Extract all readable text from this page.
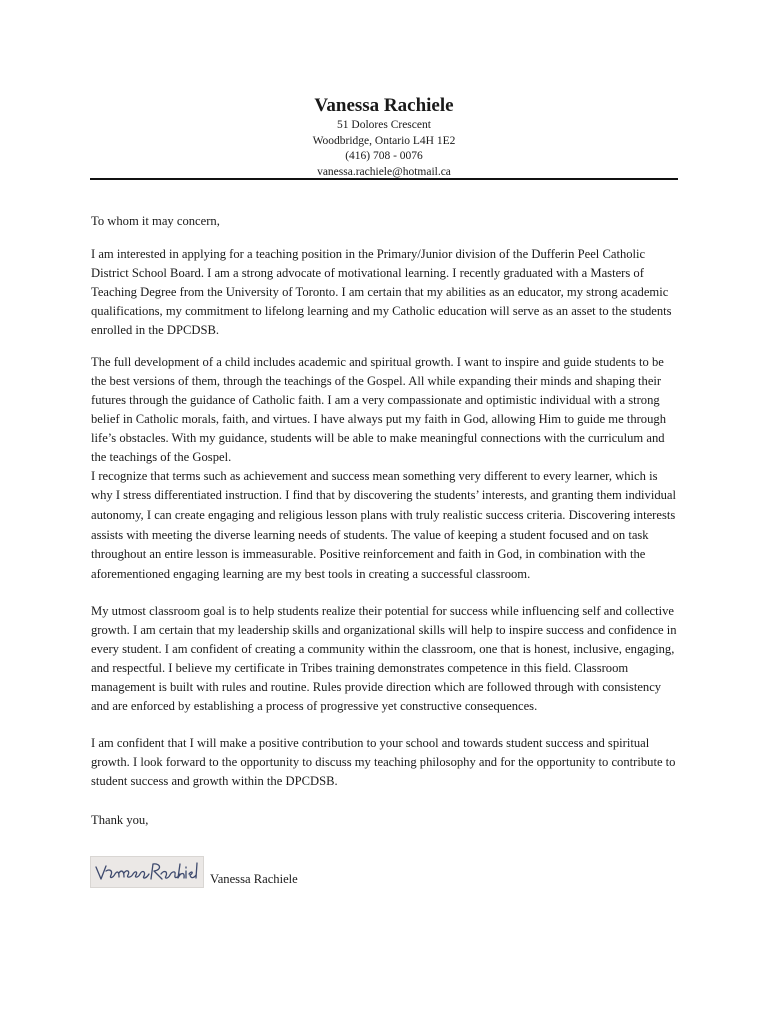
Vanessa Rachiele
51 Dolores Crescent
Woodbridge, Ontario L4H 1E2
(416) 708 - 0076
vanessa.rachiele@hotmail.ca

To whom it may concern,

I am interested in applying for a teaching position in the Primary/Junior division of the Dufferin Peel Catholic District School Board. I am a strong advocate of motivational learning. I recently graduated with a Masters of Teaching Degree from the University of Toronto. I am certain that my abilities as an educator, my strong academic qualifications, my commitment to lifelong learning and my Catholic education will serve as an asset to the students enrolled in the DPCDSB.

The full development of a child includes academic and spiritual growth. I want to inspire and guide students to be the best versions of them, through the teachings of the Gospel. All while expanding their minds and shaping their futures through the guidance of Catholic faith. I am a very compassionate and optimistic individual with a strong belief in Catholic morals, faith, and virtues. I have always put my faith in God, allowing Him to guide me through life’s obstacles. With my guidance, students will be able to make meaningful connections with the curriculum and the teachings of the Gospel.

I recognize that terms such as achievement and success mean something very different to every learner, which is why I stress differentiated instruction. I find that by discovering the students’ interests, and granting them individual autonomy, I can create engaging and religious lesson plans with truly realistic success criteria. Discovering interests assists with meeting the diverse learning needs of students. The value of keeping a student focused and on task throughout an entire lesson is immeasurable. Positive reinforcement and faith in God, in combination with the aforementioned engaging learning are my best tools in creating a successful classroom.

My utmost classroom goal is to help students realize their potential for success while influencing self and collective growth. I am certain that my leadership skills and organizational skills will help to inspire success and confidence in every student. I am confident of creating a community within the classroom, one that is honest, inclusive, engaging, and respectful. I believe my certificate in Tribes training demonstrates competence in this field. Classroom management is built with rules and routine. Rules provide direction which are followed through with consistency and are enforced by establishing a process of progressive yet constructive consequences.

I am confident that I will make a positive contribution to your school and towards student success and spiritual growth. I look forward to the opportunity to discuss my teaching philosophy and for the opportunity to contribute to student success and growth within the DPCDSB.

Thank you,

Vanessa Rachiele
